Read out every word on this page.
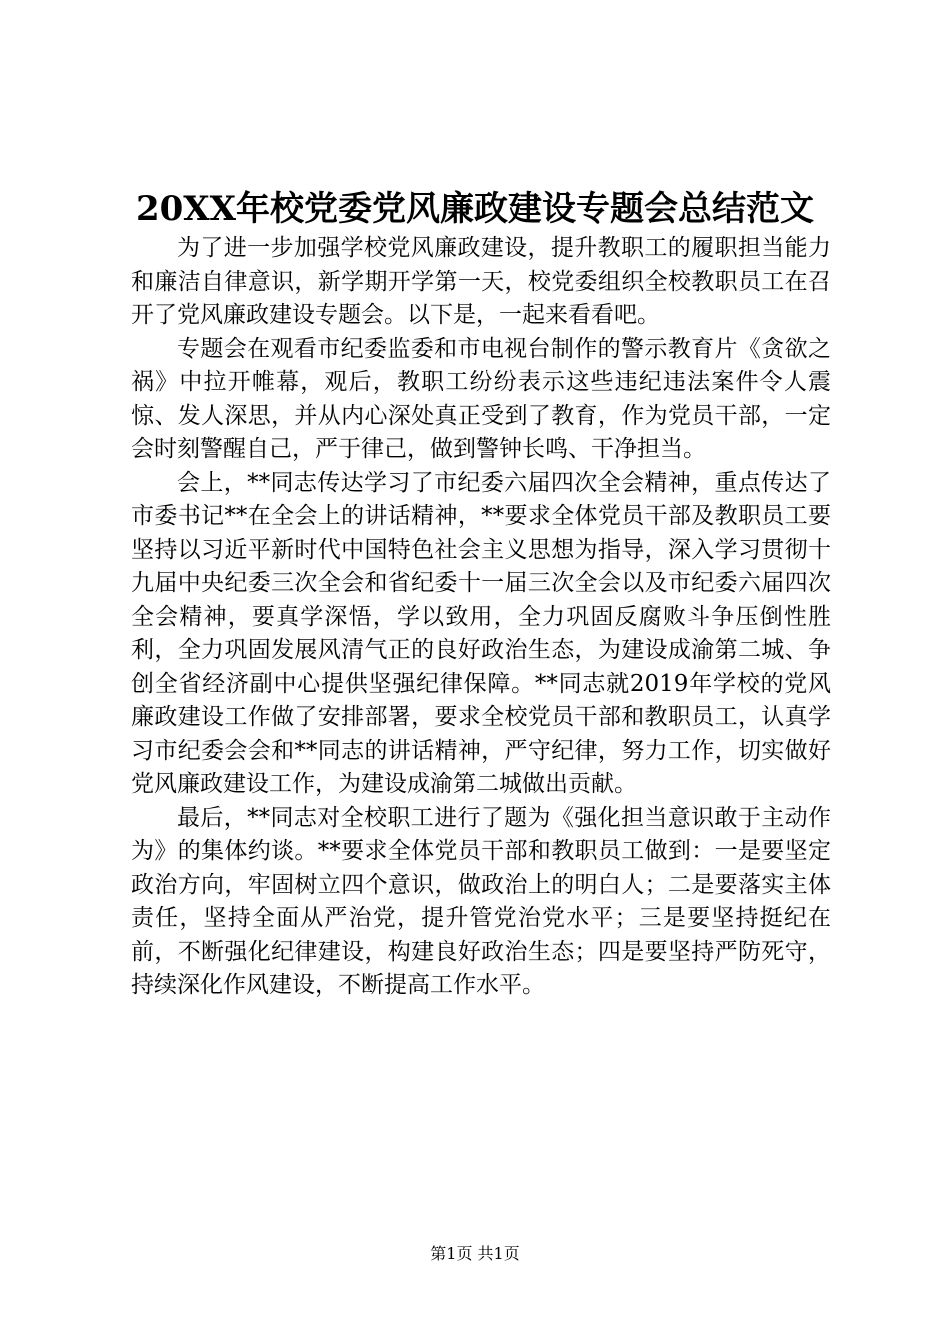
20XX年校党委党风廉政建设专题会总结范文

为了进一步加强学校党风廉政建设，提升教职工的履职担当能力和廉洁自律意识，新学期开学第一天，校党委组织全校教职员工在召开了党风廉政建设专题会。以下是，一起来看看吧。

专题会在观看市纪委监委和市电视台制作的警示教育片《贪欲之祸》中拉开帷幕，观后，教职工纷纷表示这些违纪违法案件令人震惊、发人深思，并从内心深处真正受到了教育，作为党员干部，一定会时刻警醒自己，严于律己，做到警钟长鸣、干净担当。

会上，**同志传达学习了市纪委六届四次全会精神，重点传达了市委书记**在全会上的讲话精神，**要求全体党员干部及教职员工要坚持以习近平新时代中国特色社会主义思想为指导，深入学习贯彻十九届中央纪委三次全会和省纪委十一届三次全会以及市纪委六届四次全会精神，要真学深悟，学以致用，全力巩固反腐败斗争压倒性胜利，全力巩固发展风清气正的良好政治生态，为建设成渝第二城、争创全省经济副中心提供坚强纪律保障。**同志就2019年学校的党风廉政建设工作做了安排部署，要求全校党员干部和教职员工，认真学习市纪委会会和**同志的讲话精神，严守纪律，努力工作，切实做好党风廉政建设工作，为建设成渝第二城做出贡献。

最后，**同志对全校职工进行了题为《强化担当意识敢于主动作为》的集体约谈。**要求全体党员干部和教职员工做到：一是要坚定政治方向，牢固树立四个意识，做政治上的明白人；二是要落实主体责任，坚持全面从严治党，提升管党治党水平；三是要坚持挺纪在前，不断强化纪律建设，构建良好政治生态；四是要坚持严防死守，持续深化作风建设，不断提高工作水平。

第1页 共1页
